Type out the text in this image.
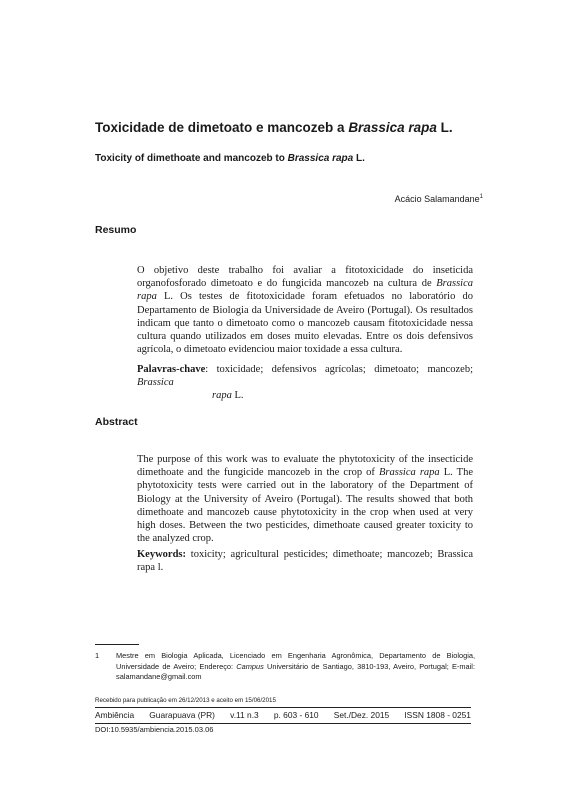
Toxicidade de dimetoato e mancozeb a Brassica rapa L.
Toxicity of dimethoate and mancozeb to Brassica rapa L.
Acácio Salamandane$^1$
Resumo
O objetivo deste trabalho foi avaliar a fitotoxicidade do inseticida organofosforado dimetoato e do fungicida mancozeb na cultura de Brassica rapa L. Os testes de fitotoxicidade foram efetuados no laboratório do Departamento de Biologia da Universidade de Aveiro (Portugal). Os resultados indicam que tanto o dimetoato como o mancozeb causam fitotoxicidade nessa cultura quando utilizados em doses muito elevadas. Entre os dois defensivos agrícola, o dimetoato evidenciou maior toxidade a essa cultura.
Palavras-chave: toxicidade; defensivos agrícolas; dimetoato; mancozeb; Brassica
rapa L.
Abstract
The purpose of this work was to evaluate the phytotoxicity of the insecticide dimethoate and the fungicide mancozeb in the crop of Brassica rapa L. The phytotoxicity tests were carried out in the laboratory of the Department of Biology at the University of Aveiro (Portugal). The results showed that both dimethoate and mancozeb cause phytotoxicity in the crop when used at very high doses. Between the two pesticides, dimethoate caused greater toxicity to the analyzed crop.
Keywords: toxicity; agricultural pesticides; dimethoate; mancozeb; Brassica rapa l.
1	Mestre em Biologia Aplicada, Licenciado em Engenharia Agronômica, Departamento de Biologia, Universidade de Aveiro; Endereço: Campus Universitário de Santiago, 3810-193, Aveiro, Portugal; E-mail: salamandane@gmail.com
Recebido para publicação em 26/12/2013 e aceito em 15/06/2015
Ambiência Guarapuava (PR) v.11 n.3 p. 603 - 610 Set./Dez. 2015 ISSN 1808 - 0251
DOI:10.5935/ambiencia.2015.03.06
